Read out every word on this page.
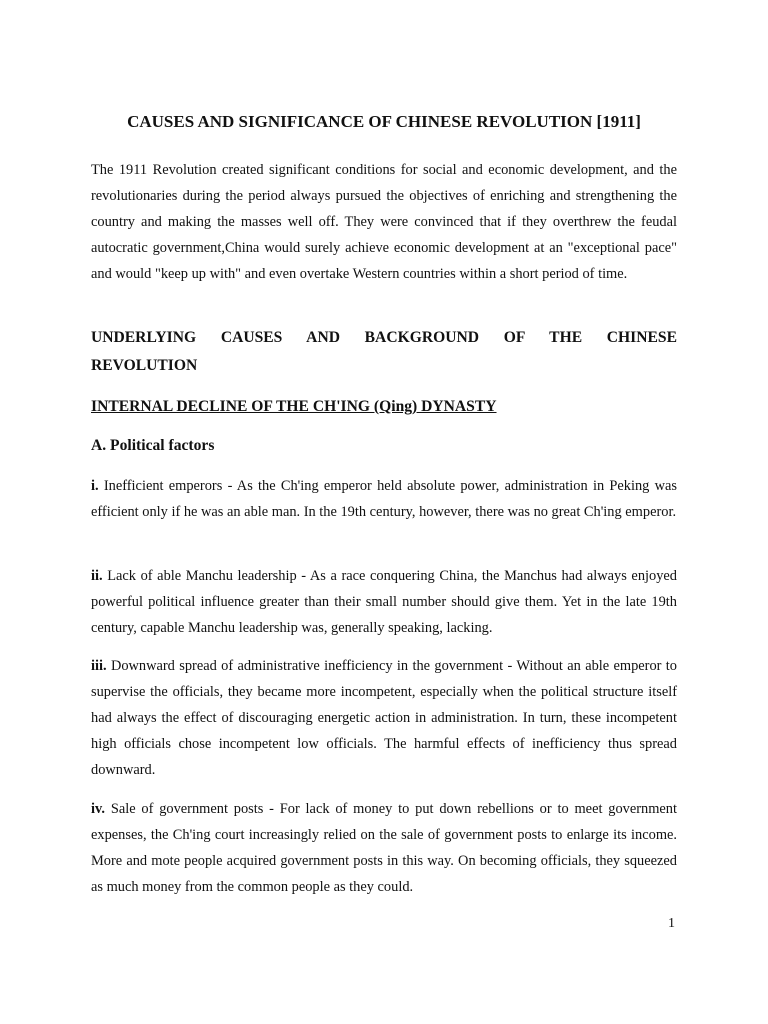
CAUSES AND SIGNIFICANCE OF CHINESE REVOLUTION [1911]

The 1911 Revolution created significant conditions for social and economic development, and the revolutionaries during the period always pursued the objectives of enriching and strengthening the country and making the masses well off. They were convinced that if they overthrew the feudal autocratic government,China would surely achieve economic development at an "exceptional pace" and would "keep up with" and even overtake Western countries within a short period of time.

UNDERLYING CAUSES AND BACKGROUND OF THE CHINESE
REVOLUTION
INTERNAL DECLINE OF THE CH'ING (Qing) DYNASTY
A. Political factors

i. Inefficient emperors - As the Ch'ing emperor held absolute power, administration in Peking was efficient only if he was an able man. In the 19th century, however, there was no great Ch'ing emperor.

ii. Lack of able Manchu leadership - As a race conquering China, the Manchus had always enjoyed powerful political influence greater than their small number should give them. Yet in the late 19th century, capable Manchu leadership was, generally speaking, lacking.

iii. Downward spread of administrative inefficiency in the government - Without an able emperor to supervise the officials, they became more incompetent, especially when the political structure itself had always the effect of discouraging energetic action in administration. In turn, these incompetent high officials chose incompetent low officials. The harmful effects of inefficiency thus spread downward.

iv. Sale of government posts - For lack of money to put down rebellions or to meet government expenses, the Ch'ing court increasingly relied on the sale of government posts to enlarge its income. More and mote people acquired government posts in this way. On becoming officials, they squeezed as much money from the common people as they could.

1
